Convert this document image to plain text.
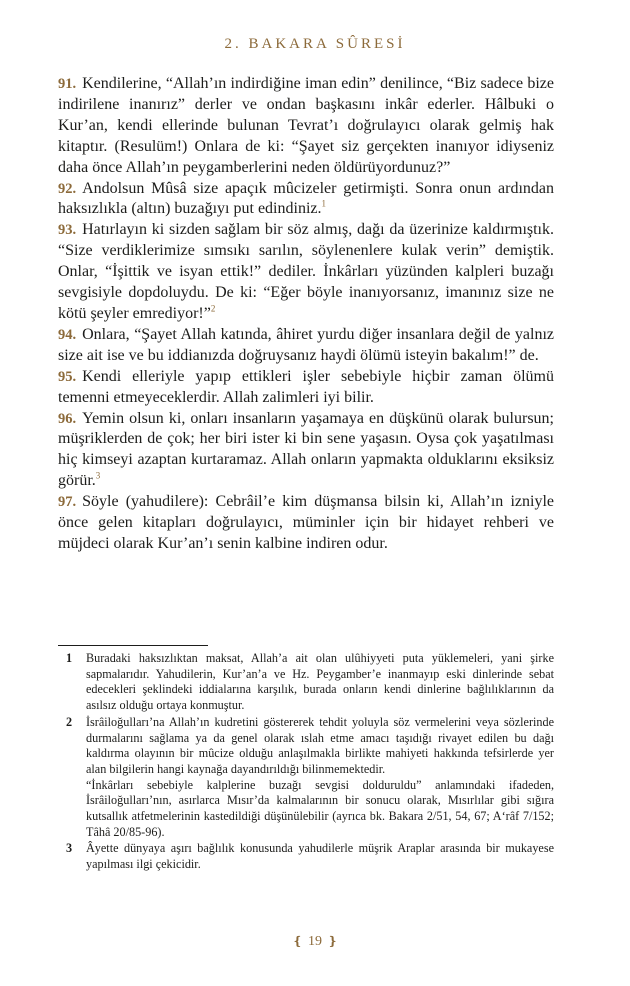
2. BAKARA SÛRESİ

91. Kendilerine, “Allah’ın indirdiğine iman edin” denilince, “Biz sadece bize indirilene inanırız” derler ve ondan başkasını inkâr ederler. Hâlbuki o Kur’an, kendi ellerinde bulunan Tevrat’ı doğrulayıcı olarak gelmiş hak kitaptır. (Resulüm!) Onlara de ki: “Şayet siz gerçekten inanıyor idiyseniz daha önce Allah’ın peygamberlerini neden öldürüyordunuz?”

92. Andolsun Mûsâ size apaçık mûcizeler getirmişti. Sonra onun ardından haksızlıkla (altın) buzağıyı put edindiniz.$^1$

93. Hatırlayın ki sizden sağlam bir söz almış, dağı da üzerinize kaldırmıştık. “Size verdiklerimize sımsıkı sarılın, söylenenlere kulak verin” demiştik. Onlar, “İşittik ve isyan ettik!” dediler. İnkârları yüzünden kalpleri buzağı sevgisiyle dopdoluydu. De ki: “Eğer böyle inanıyorsanız, imanınız size ne kötü şeyler emrediyor!”$^2$

94. Onlara, “Şayet Allah katında, âhiret yurdu diğer insanlara değil de yalnız size ait ise ve bu iddianızda doğruysanız haydi ölümü isteyin bakalım!” de.

95. Kendi elleriyle yapıp ettikleri işler sebebiyle hiçbir zaman ölümü temenni etmeyeceklerdir. Allah zalimleri iyi bilir.

96. Yemin olsun ki, onları insanların yaşamaya en düşkünü olarak bulursun; müşriklerden de çok; her biri ister ki bin sene yaşasın. Oysa çok yaşatılması hiç kimseyi azaptan kurtaramaz. Allah onların yapmakta olduklarını eksiksiz görür.$^3$

97. Söyle (yahudilere): Cebrâil’e kim düşmansa bilsin ki, Allah’ın izniyle önce gelen kitapları doğrulayıcı, müminler için bir hidayet rehberi ve müjdeci olarak Kur’an’ı senin kalbine indiren odur.

1 Buradaki haksızlıktan maksat, Allah’a ait olan ulûhiyyeti puta yüklemeleri, yani şirke sapmalarıdır. Yahudilerin, Kur’an’a ve Hz. Peygamber’e inanmayıp eski dinlerinde sebat edecekleri şeklindeki iddialarına karşılık, burada onların kendi dinlerine bağlılıklarının da asılsız olduğu ortaya konmuştur.

2 İsrâiloğulları’na Allah’ın kudretini göstererek tehdit yoluyla söz vermelerini veya sözlerinde durmalarını sağlama ya da genel olarak ıslah etme amacı taşıdığı rivayet edilen bu dağı kaldırma olayının bir mûcize olduğu anlaşılmakla birlikte mahiyeti hakkında tefsirlerde yer alan bilgilerin hangi kaynağa dayandırıldığı bilinmemektedir.

“İnkârları sebebiyle kalplerine buzağı sevgisi dolduruldu” anlamındaki ifadeden, İsrâiloğulları’nın, asırlarca Mısır’da kalmalarının bir sonucu olarak, Mısırlılar gibi sığıra kutsallık atfetmelerinin kastedildiği düşünülebilir (ayrıca bk. Bakara 2/51, 54, 67; A‘râf 7/152; Tâhâ 20/85-96).

3 Âyette dünyaya aşırı bağlılık konusunda yahudilerle müşrik Araplar arasında bir mukayese yapılması ilgi çekicidir.

❴ 19 ❵
